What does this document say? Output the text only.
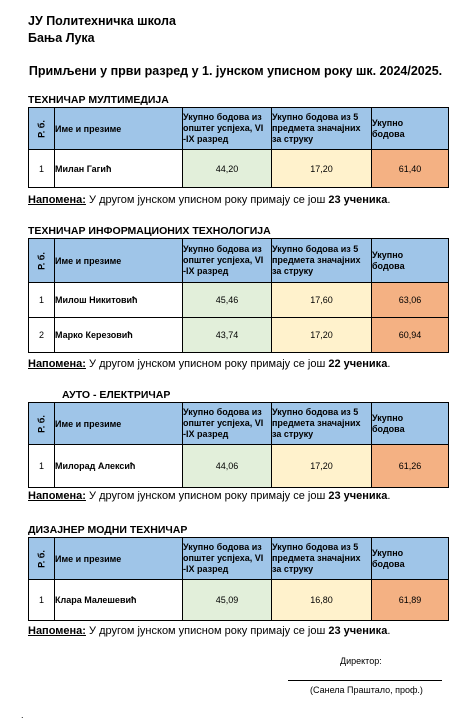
ЈУ Политехничка школа
Бања Лука
Примљени у први разред у 1. јунском уписном року шк. 2024/2025.
ТЕХНИЧАР МУЛТИМЕДИЈА
Р. б.	Име и презиме	Укупно бодова из
општег успјеха, VI
-IX разред	Укупно бодова из 5
предмета значајних
за струку	Укупно
бодова
1	Милан Гагић	44,20	17,20	61,40
Напомена: У другом јунском уписном року примају се још 23 ученика.
ТЕХНИЧАР ИНФОРМАЦИОНИХ ТЕХНОЛОГИЈА
Р. б.	Име и презиме	Укупно бодова из
општег успјеха, VI
-IX разред	Укупно бодова из 5
предмета значајних
за струку	Укупно
бодова
1	Милош Никитовић	45,46	17,60	63,06
2	Марко Керезовић	43,74	17,20	60,94
Напомена: У другом јунском уписном року примају се још 22 ученика.
АУТО - ЕЛЕКТРИЧАР
Р. б.	Име и презиме	Укупно бодова из
општег успјеха, VI
-IX разред	Укупно бодова из 5
предмета значајних
за струку	Укупно
бодова
1	Милорад Алексић	44,06	17,20	61,26
Напомена: У другом јунском уписном року примају се још 23 ученика.
ДИЗАЈНЕР МОДНИ ТЕХНИЧАР
Р. б.	Име и презиме	Укупно бодова из
општег успјеха, VI
-IX разред	Укупно бодова из 5
предмета значајних
за струку	Укупно
бодова
1	Клара Малешевић	45,09	16,80	61,89
Напомена: У другом јунском уписном року примају се још 23 ученика.
Директор:
(Санела Праштало, проф.)
.
